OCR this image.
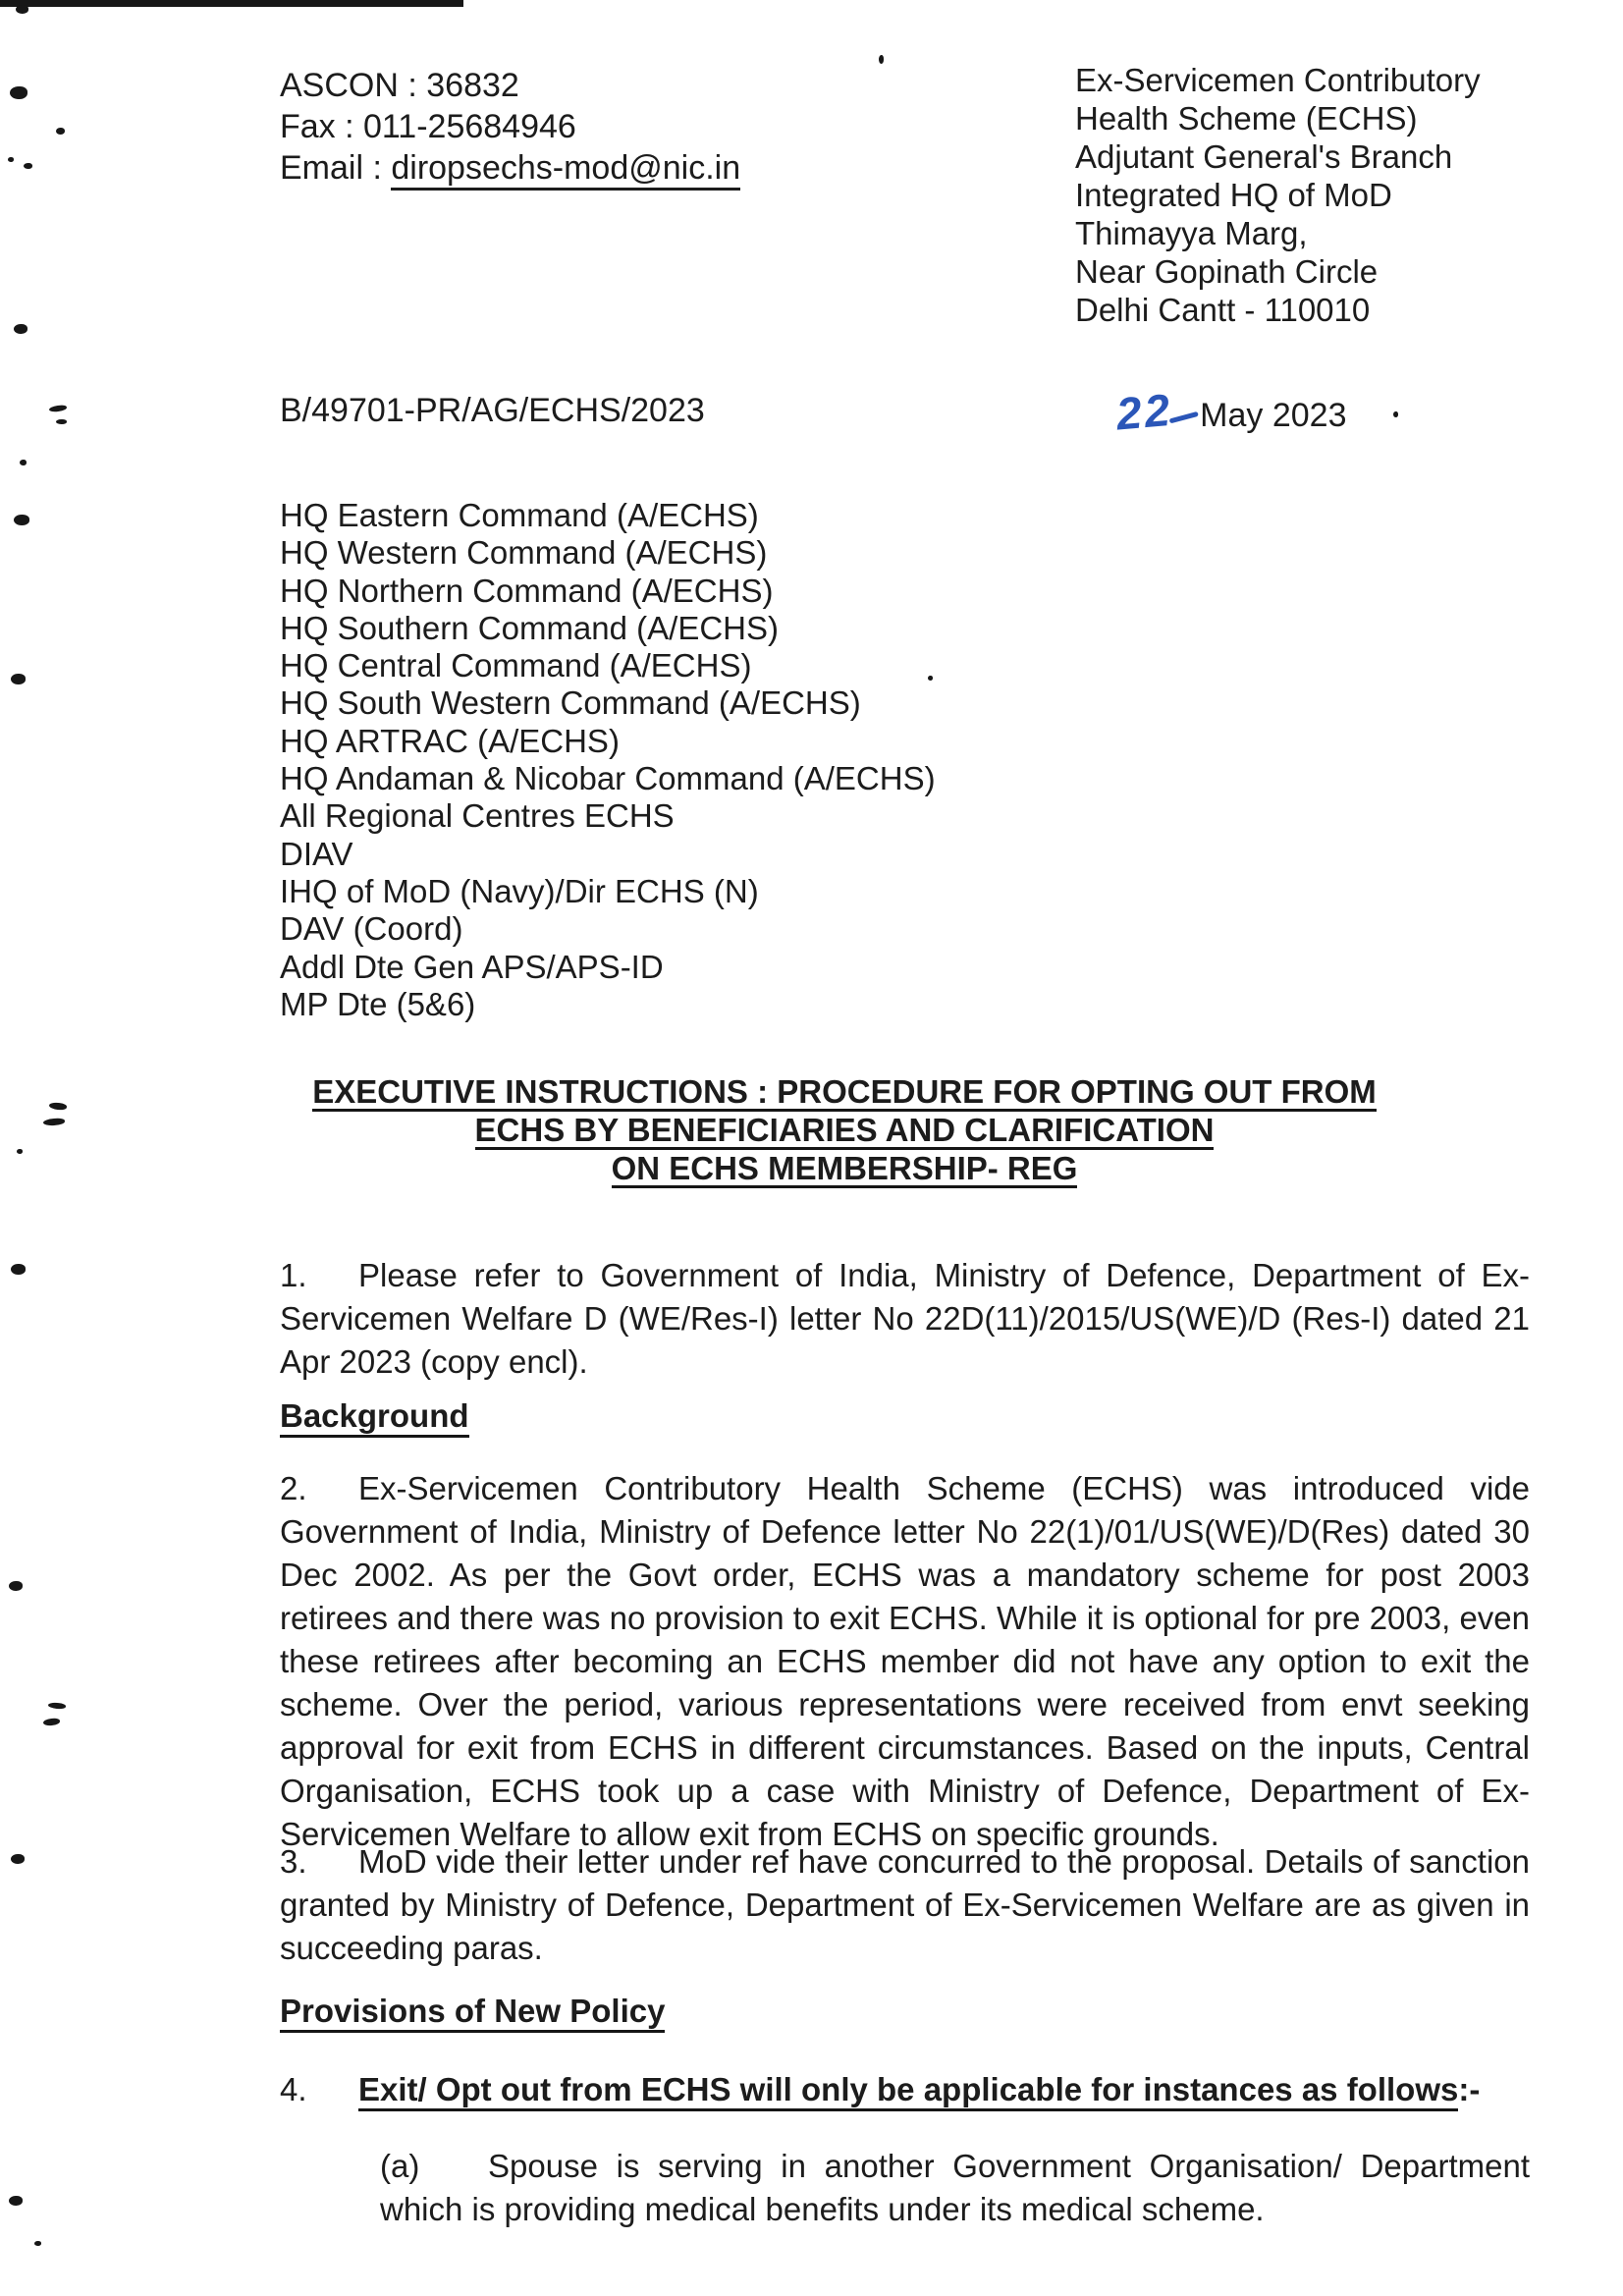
ASCON : 36832
Fax : 011-25684946
Email : diropsechs-mod@nic.in
Ex-Servicemen Contributory
Health Scheme (ECHS)
Adjutant General's Branch
Integrated HQ of MoD
Thimayya Marg,
Near Gopinath Circle
Delhi Cantt - 110010
B/49701-PR/AG/ECHS/2023	22 May 2023
HQ Eastern Command (A/ECHS)
HQ Western Command (A/ECHS)
HQ Northern Command (A/ECHS)
HQ Southern Command (A/ECHS)
HQ Central Command (A/ECHS)
HQ South Western Command (A/ECHS)
HQ ARTRAC (A/ECHS)
HQ Andaman & Nicobar Command (A/ECHS)
All Regional Centres ECHS
DIAV
IHQ of MoD (Navy)/Dir ECHS (N)
DAV (Coord)
Addl Dte Gen APS/APS-ID
MP Dte (5&6)
EXECUTIVE INSTRUCTIONS : PROCEDURE FOR OPTING OUT FROM
ECHS BY BENEFICIARIES AND CLARIFICATION
ON ECHS MEMBERSHIP- REG
1. Please refer to Government of India, Ministry of Defence, Department of Ex-Servicemen Welfare D (WE/Res-I) letter No 22D(11)/2015/US(WE)/D (Res-I) dated 21 Apr 2023 (copy encl).
Background
2. Ex-Servicemen Contributory Health Scheme (ECHS) was introduced vide Government of India, Ministry of Defence letter No 22(1)/01/US(WE)/D(Res) dated 30 Dec 2002. As per the Govt order, ECHS was a mandatory scheme for post 2003 retirees and there was no provision to exit ECHS. While it is optional for pre 2003, even these retirees after becoming an ECHS member did not have any option to exit the scheme. Over the period, various representations were received from envt seeking approval for exit from ECHS in different circumstances. Based on the inputs, Central Organisation, ECHS took up a case with Ministry of Defence, Department of Ex-Servicemen Welfare to allow exit from ECHS on specific grounds.
3. MoD vide their letter under ref have concurred to the proposal. Details of sanction granted by Ministry of Defence, Department of Ex-Servicemen Welfare are as given in succeeding paras.
Provisions of New Policy
4. Exit/ Opt out from ECHS will only be applicable for instances as follows:-
(a) Spouse is serving in another Government Organisation/ Department which is providing medical benefits under its medical scheme.
